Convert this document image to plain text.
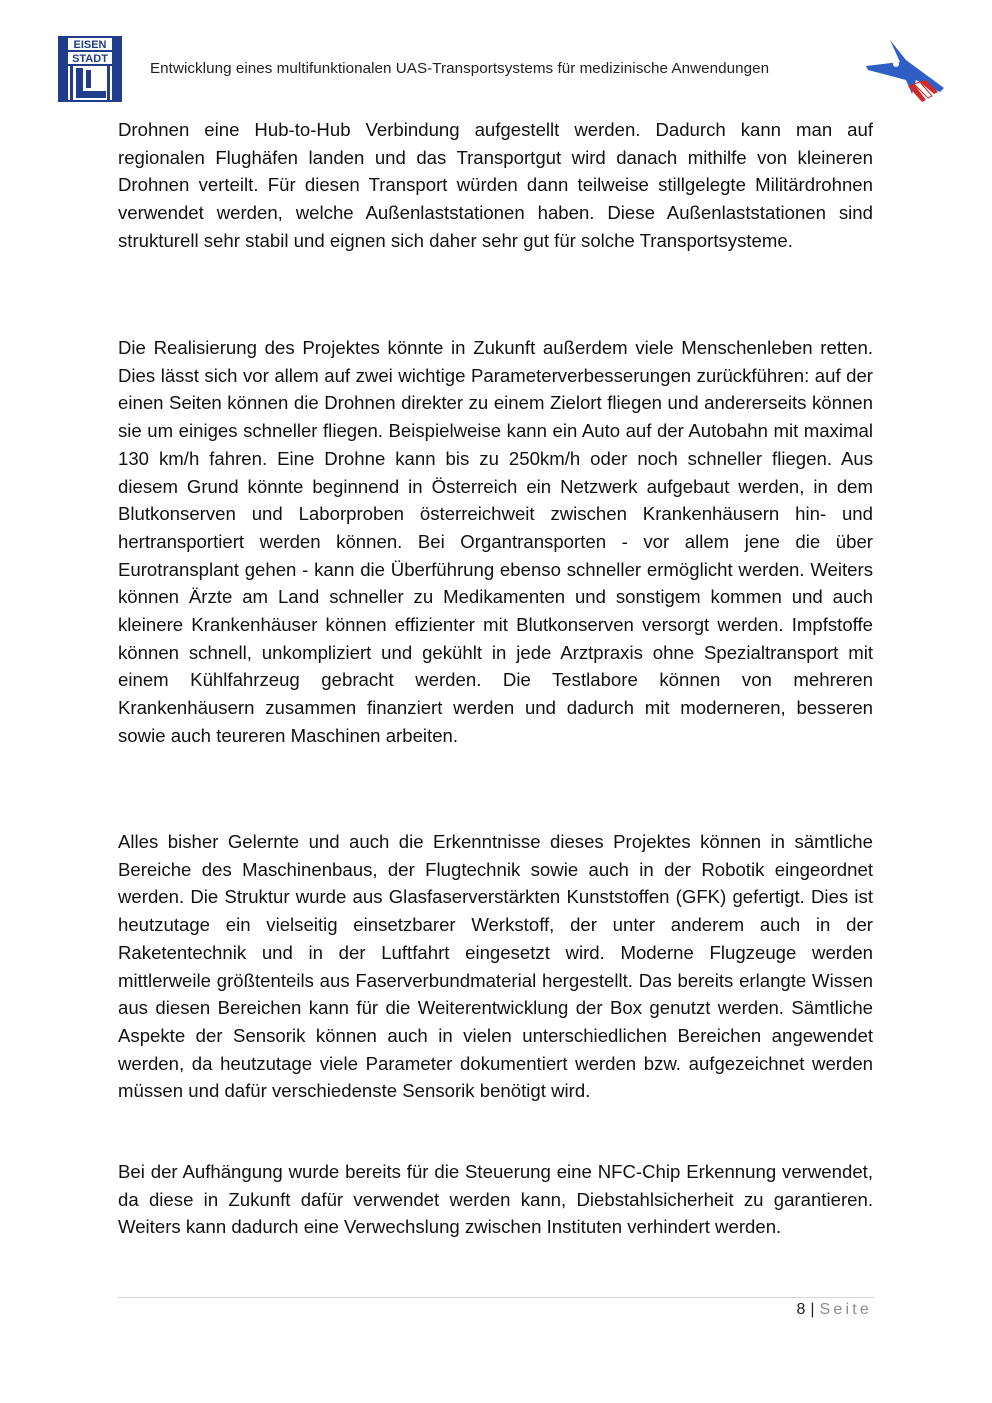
EISEN
STADT
Entwicklung eines multifunktionalen UAS-Transportsystems für medizinische Anwendungen

Drohnen eine Hub-to-Hub Verbindung aufgestellt werden. Dadurch kann man auf regionalen Flughäfen landen und das Transportgut wird danach mithilfe von kleineren Drohnen verteilt. Für diesen Transport würden dann teilweise stillgelegte Militärdrohnen verwendet werden, welche Außenlaststationen haben. Diese Außenlaststationen sind strukturell sehr stabil und eignen sich daher sehr gut für solche Transportsysteme.

Die Realisierung des Projektes könnte in Zukunft außerdem viele Menschenleben retten. Dies lässt sich vor allem auf zwei wichtige Parameterverbesserungen zurückführen: auf der einen Seiten können die Drohnen direkter zu einem Zielort fliegen und andererseits können sie um einiges schneller fliegen. Beispielweise kann ein Auto auf der Autobahn mit maximal 130 km/h fahren. Eine Drohne kann bis zu 250km/h oder noch schneller fliegen. Aus diesem Grund könnte beginnend in Österreich ein Netzwerk aufgebaut werden, in dem Blutkonserven und Laborproben österreichweit zwischen Krankenhäusern hin- und hertransportiert werden können. Bei Organtransporten - vor allem jene die über Eurotransplant gehen - kann die Überführung ebenso schneller ermöglicht werden. Weiters können Ärzte am Land schneller zu Medikamenten und sonstigem kommen und auch kleinere Krankenhäuser können effizienter mit Blutkonserven versorgt werden. Impfstoffe können schnell, unkompliziert und gekühlt in jede Arztpraxis ohne Spezialtransport mit einem Kühlfahrzeug gebracht werden. Die Testlabore können von mehreren Krankenhäusern zusammen finanziert werden und dadurch mit moderneren, besseren sowie auch teureren Maschinen arbeiten.

Alles bisher Gelernte und auch die Erkenntnisse dieses Projektes können in sämtliche Bereiche des Maschinenbaus, der Flugtechnik sowie auch in der Robotik eingeordnet werden. Die Struktur wurde aus Glasfaserverstärkten Kunststoffen (GFK) gefertigt. Dies ist heutzutage ein vielseitig einsetzbarer Werkstoff, der unter anderem auch in der Raketentechnik und in der Luftfahrt eingesetzt wird. Moderne Flugzeuge werden mittlerweile größtenteils aus Faserverbundmaterial hergestellt. Das bereits erlangte Wissen aus diesen Bereichen kann für die Weiterentwicklung der Box genutzt werden. Sämtliche Aspekte der Sensorik können auch in vielen unterschiedlichen Bereichen angewendet werden, da heutzutage viele Parameter dokumentiert werden bzw. aufgezeichnet werden müssen und dafür verschiedenste Sensorik benötigt wird.

Bei der Aufhängung wurde bereits für die Steuerung eine NFC-Chip Erkennung verwendet, da diese in Zukunft dafür verwendet werden kann, Diebstahlsicherheit zu garantieren. Weiters kann dadurch eine Verwechslung zwischen Instituten verhindert werden.

8 | Seite
